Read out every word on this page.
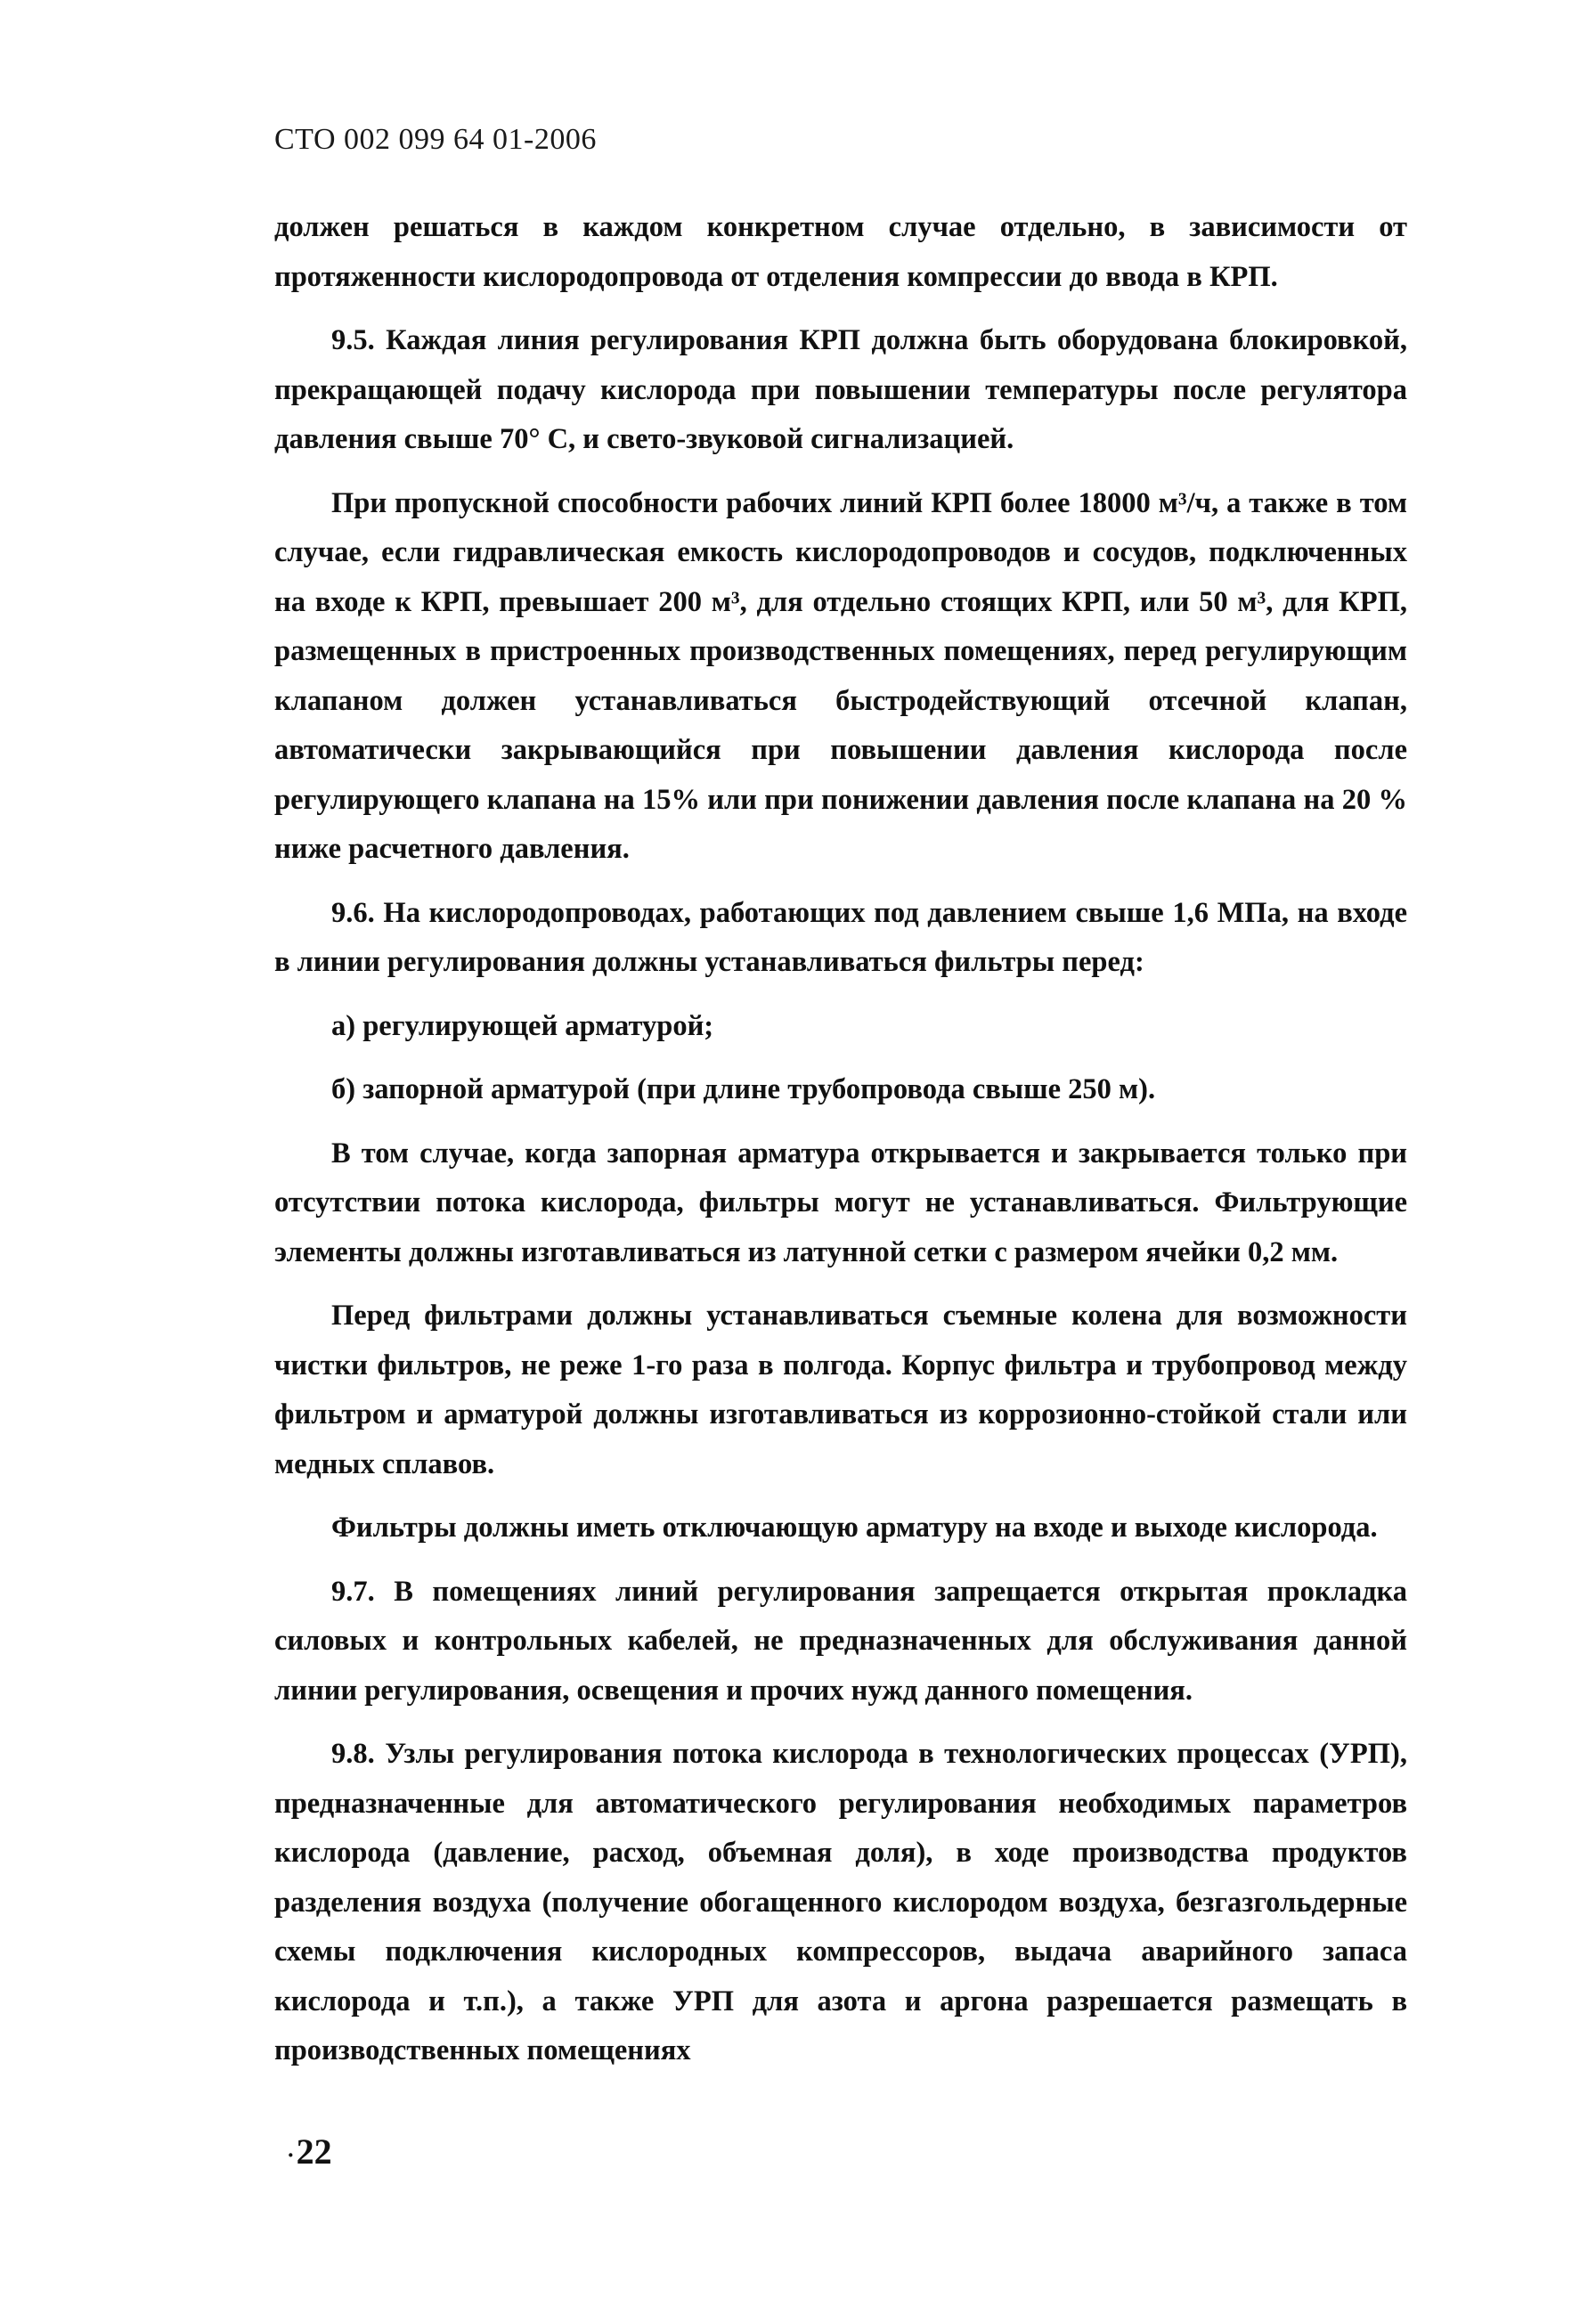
СТО 002 099 64 01-2006

должен решаться в каждом конкретном случае отдельно, в зависимости от протяженности кислородопровода от отделения компрессии до ввода в КРП.

9.5. Каждая линия регулирования КРП должна быть оборудована блокировкой, прекращающей подачу кислорода при повышении температуры после регулятора давления свыше 70° С, и свето-звуковой сигнализацией.

При пропускной способности рабочих линий КРП более 18000 м³/ч, а также в том случае, если гидравлическая емкость кислородопроводов и сосудов, подключенных на входе к КРП, превышает 200 м³, для отдельно стоящих КРП, или 50 м³, для КРП, размещенных в пристроенных производственных помещениях, перед регулирующим клапаном должен устанавливаться быстродействующий отсечной клапан, автоматически закрывающийся при повышении давления кислорода после регулирующего клапана на 15% или при понижении давления после клапана на 20 % ниже расчетного давления.

9.6. На кислородопроводах, работающих под давлением свыше 1,6 МПа, на входе в линии регулирования должны устанавливаться фильтры перед:

а) регулирующей арматурой;

б) запорной арматурой (при длине трубопровода свыше 250 м).

В том случае, когда запорная арматура открывается и закрывается только при отсутствии потока кислорода, фильтры могут не устанавливаться. Фильтрующие элементы должны изготавливаться из латунной сетки с размером ячейки 0,2 мм.

Перед фильтрами должны устанавливаться съемные колена для возможности чистки фильтров, не реже 1-го раза в полгода. Корпус фильтра и трубопровод между фильтром и арматурой должны изготавливаться из коррозионно-стойкой стали или медных сплавов.

Фильтры должны иметь отключающую арматуру на входе и выходе кислорода.

9.7. В помещениях линий регулирования запрещается открытая прокладка силовых и контрольных кабелей, не предназначенных для обслуживания данной линии регулирования, освещения и прочих нужд данного помещения.

9.8. Узлы регулирования потока кислорода в технологических процессах (УРП), предназначенные для автоматического регулирования необходимых параметров кислорода (давление, расход, объемная доля), в ходе производства продуктов разделения воздуха (получение обогащенного кислородом воздуха, безгазгольдерные схемы подключения кислородных компрессоров, выдача аварийного запаса кислорода и т.п.), а также УРП для азота и аргона разрешается размещать в производственных помещениях

·22
